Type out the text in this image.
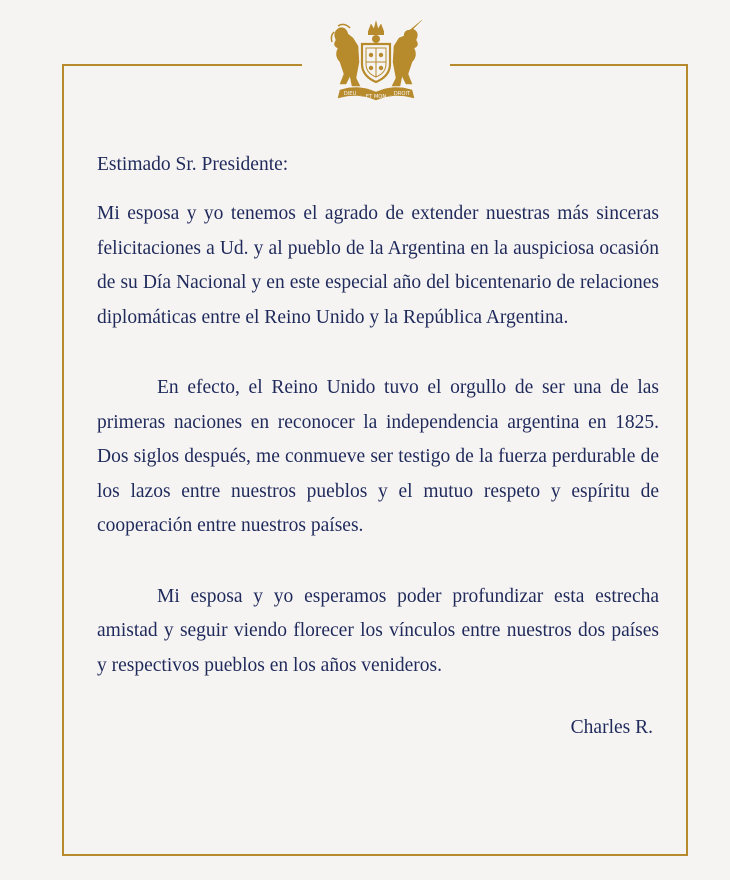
DIEU ET MON DROIT

Estimado Sr. Presidente:

Mi esposa y yo tenemos el agrado de extender nuestras más sinceras felicitaciones a Ud. y al pueblo de la Argentina en la auspiciosa ocasión de su Día Nacional y en este especial año del bicentenario de relaciones diplomáticas entre el Reino Unido y la República Argentina.

En efecto, el Reino Unido tuvo el orgullo de ser una de las primeras naciones en reconocer la independencia argentina en 1825. Dos siglos después, me conmueve ser testigo de la fuerza perdurable de los lazos entre nuestros pueblos y el mutuo respeto y espíritu de cooperación entre nuestros países.

Mi esposa y yo esperamos poder profundizar esta estrecha amistad y seguir viendo florecer los vínculos entre nuestros dos países y respectivos pueblos en los años venideros.

Charles R.
